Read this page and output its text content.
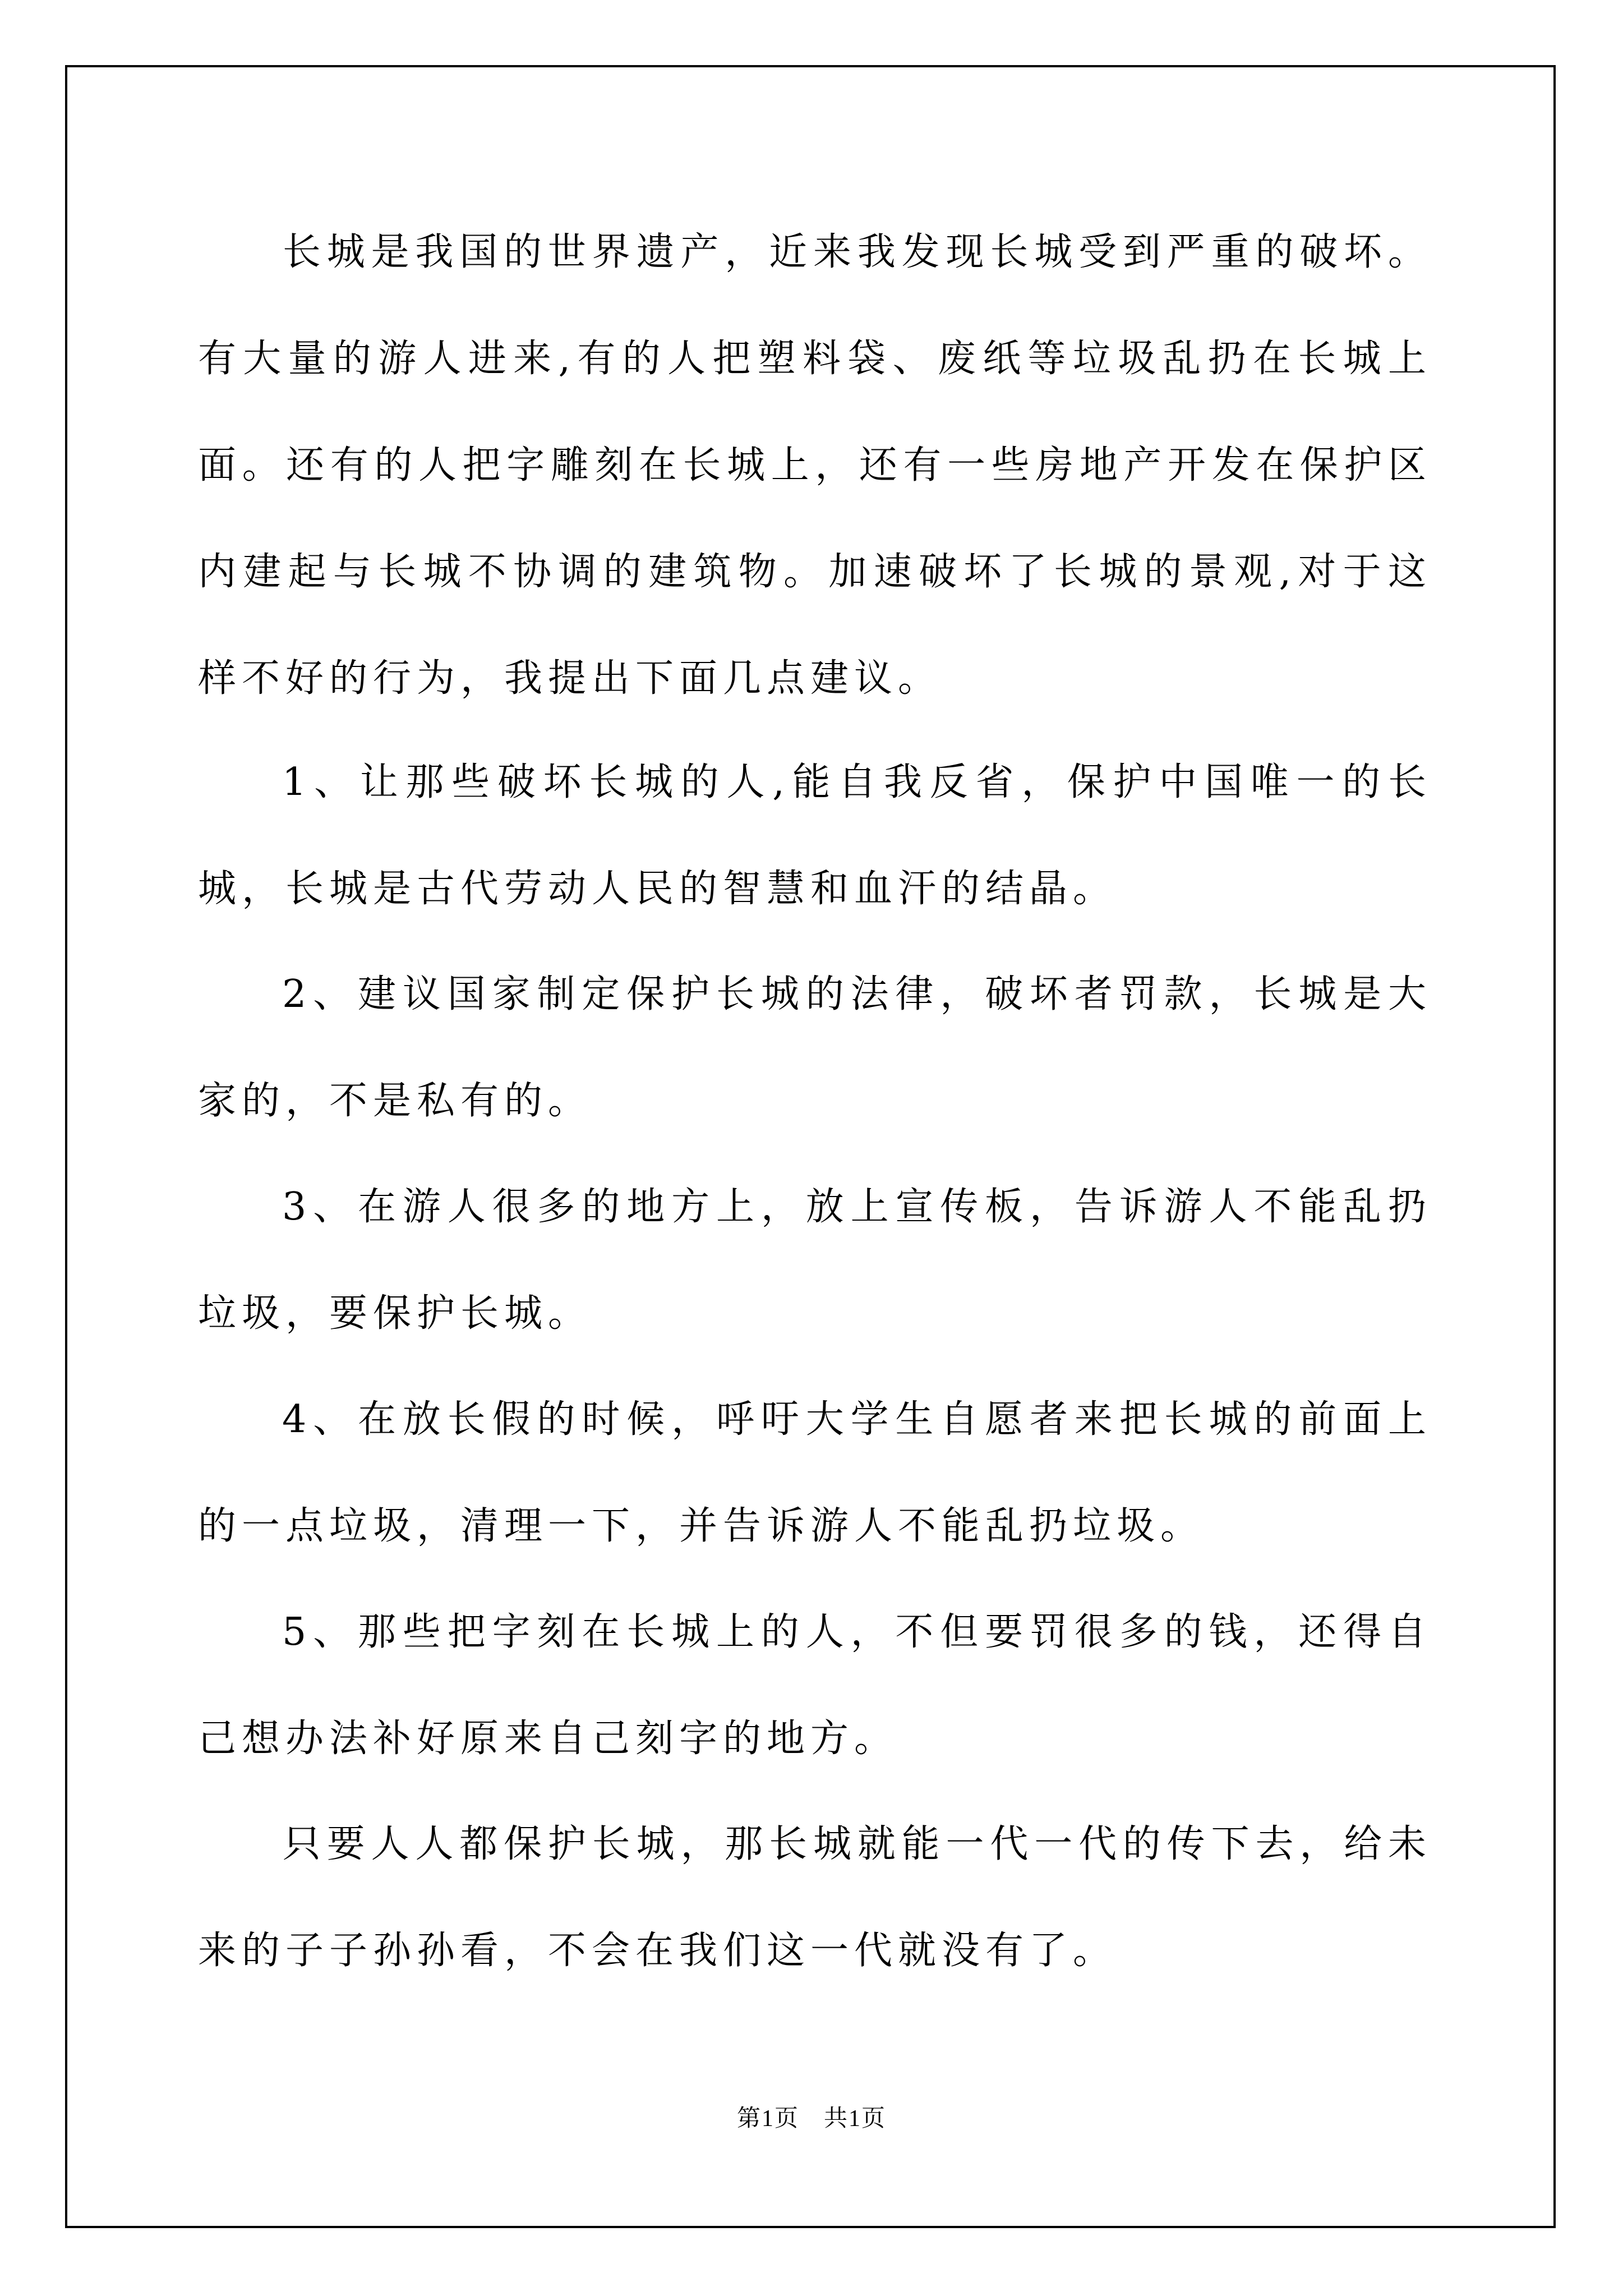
长城是我国的世界遗产，近来我发现长城受到严重的破坏。有大量的游人进来,有的人把塑料袋、废纸等垃圾乱扔在长城上面。还有的人把字雕刻在长城上，还有一些房地产开发在保护区内建起与长城不协调的建筑物。加速破坏了长城的景观,对于这样不好的行为，我提出下面几点建议。

1、让那些破坏长城的人,能自我反省，保护中国唯一的长城，长城是古代劳动人民的智慧和血汗的结晶。

2、建议国家制定保护长城的法律，破坏者罚款，长城是大家的，不是私有的。

3、在游人很多的地方上，放上宣传板，告诉游人不能乱扔垃圾，要保护长城。

4、在放长假的时候，呼吁大学生自愿者来把长城的前面上的一点垃圾，清理一下，并告诉游人不能乱扔垃圾。

5、那些把字刻在长城上的人，不但要罚很多的钱，还得自己想办法补好原来自己刻字的地方。

只要人人都保护长城，那长城就能一代一代的传下去，给未来的子子孙孙看，不会在我们这一代就没有了。

第1页　共1页
